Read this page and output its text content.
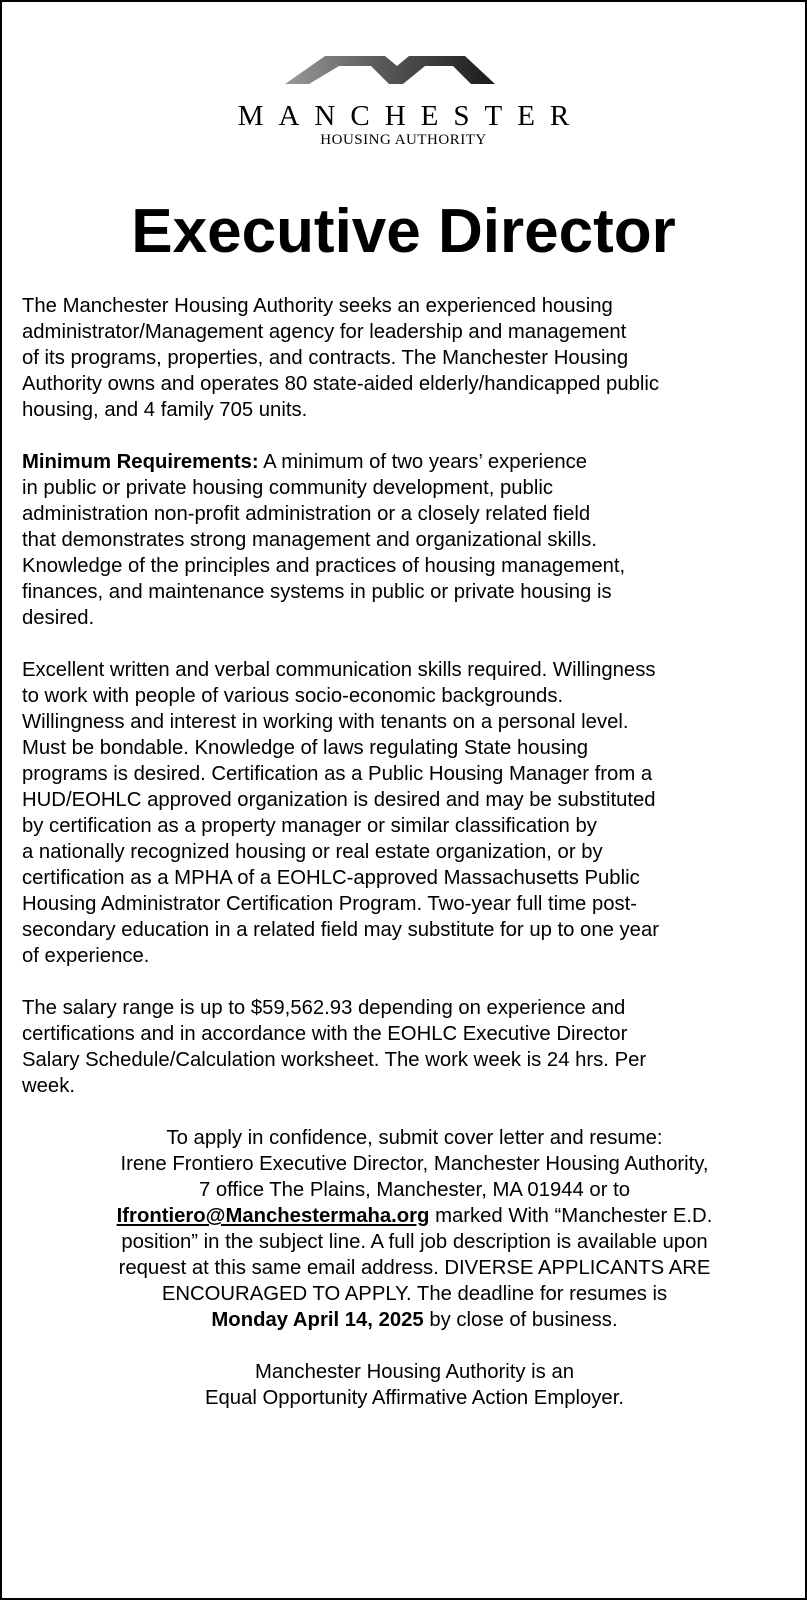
MANCHESTER
HOUSING AUTHORITY
Executive Director

The Manchester Housing Authority seeks an experienced housing
administrator/Management agency for leadership and management
of its programs, properties, and contracts. The Manchester Housing
Authority owns and operates 80 state-aided elderly/handicapped public
housing, and 4 family 705 units.

Minimum Requirements: A minimum of two years’ experience
in public or private housing community development, public
administration non-profit administration or a closely related field
that demonstrates strong management and organizational skills.
Knowledge of the principles and practices of housing management,
finances, and maintenance systems in public or private housing is
desired.

Excellent written and verbal communication skills required. Willingness
to work with people of various socio-economic backgrounds.
Willingness and interest in working with tenants on a personal level.
Must be bondable. Knowledge of laws regulating State housing
programs is desired. Certification as a Public Housing Manager from a
HUD/EOHLC approved organization is desired and may be substituted
by certification as a property manager or similar classification by
a nationally recognized housing or real estate organization, or by
certification as a MPHA of a EOHLC-approved Massachusetts Public
Housing Administrator Certification Program. Two-year full time post-
secondary education in a related field may substitute for up to one year
of experience.

The salary range is up to $59,562.93 depending on experience and
certifications and in accordance with the EOHLC Executive Director
Salary Schedule/Calculation worksheet. The work week is 24 hrs. Per
week.

To apply in confidence, submit cover letter and resume:
Irene Frontiero Executive Director, Manchester Housing Authority,
7 office The Plains, Manchester, MA 01944 or to
Ifrontiero@Manchestermaha.org marked With “Manchester E.D.
position” in the subject line. A full job description is available upon
request at this same email address. DIVERSE APPLICANTS ARE
ENCOURAGED TO APPLY. The deadline for resumes is
Monday April 14, 2025 by close of business.

Manchester Housing Authority is an
Equal Opportunity Affirmative Action Employer.
